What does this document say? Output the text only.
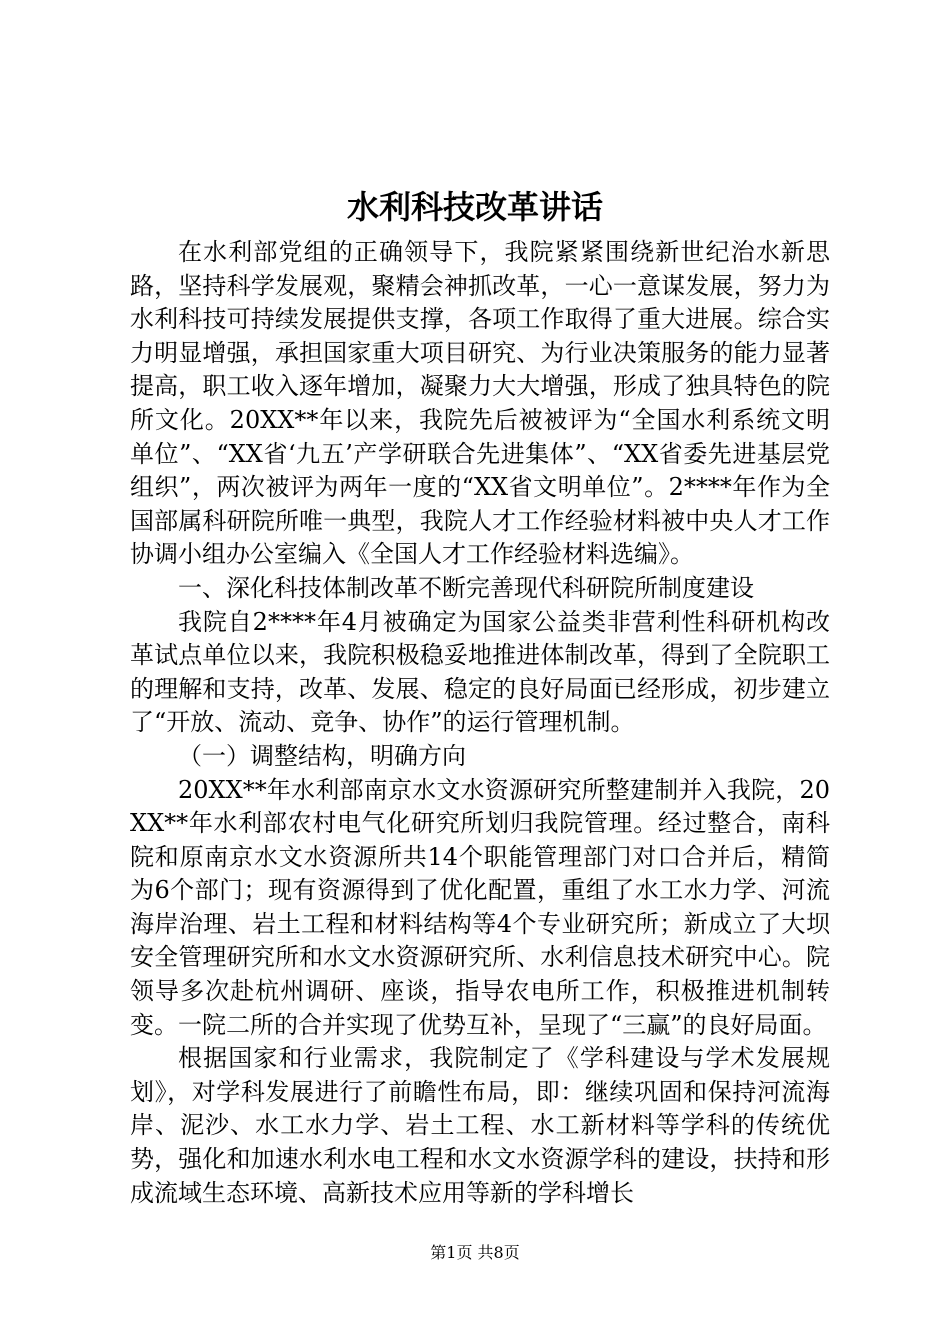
水利科技改革讲话

在水利部党组的正确领导下，我院紧紧围绕新世纪治水新思路，坚持科学发展观，聚精会神抓改革，一心一意谋发展，努力为水利科技可持续发展提供支撑，各项工作取得了重大进展。综合实力明显增强，承担国家重大项目研究、为行业决策服务的能力显著提高，职工收入逐年增加，凝聚力大大增强，形成了独具特色的院所文化。20XX**年以来，我院先后被被评为“全国水利系统文明单位”、“XX省‘九五’产学研联合先进集体”、“XX省委先进基层党组织”，两次被评为两年一度的“XX省文明单位”。2****年作为全国部属科研院所唯一典型，我院人才工作经验材料被中央人才工作协调小组办公室编入《全国人才工作经验材料选编》。

一、深化科技体制改革不断完善现代科研院所制度建设

我院自2****年4月被确定为国家公益类非营利性科研机构改革试点单位以来，我院积极稳妥地推进体制改革，得到了全院职工的理解和支持，改革、发展、稳定的良好局面已经形成，初步建立了“开放、流动、竞争、协作”的运行管理机制。

（一）调整结构，明确方向

20XX**年水利部南京水文水资源研究所整建制并入我院，20XX**年水利部农村电气化研究所划归我院管理。经过整合，南科院和原南京水文水资源所共14个职能管理部门对口合并后，精简为6个部门；现有资源得到了优化配置，重组了水工水力学、河流海岸治理、岩土工程和材料结构等4个专业研究所；新成立了大坝安全管理研究所和水文水资源研究所、水利信息技术研究中心。院领导多次赴杭州调研、座谈，指导农电所工作，积极推进机制转变。一院二所的合并实现了优势互补，呈现了“三赢”的良好局面。

根据国家和行业需求，我院制定了《学科建设与学术发展规划》，对学科发展进行了前瞻性布局，即：继续巩固和保持河流海岸、泥沙、水工水力学、岩土工程、水工新材料等学科的传统优势，强化和加速水利水电工程和水文水资源学科的建设，扶持和形成流域生态环境、高新技术应用等新的学科增长

第1页 共8页
